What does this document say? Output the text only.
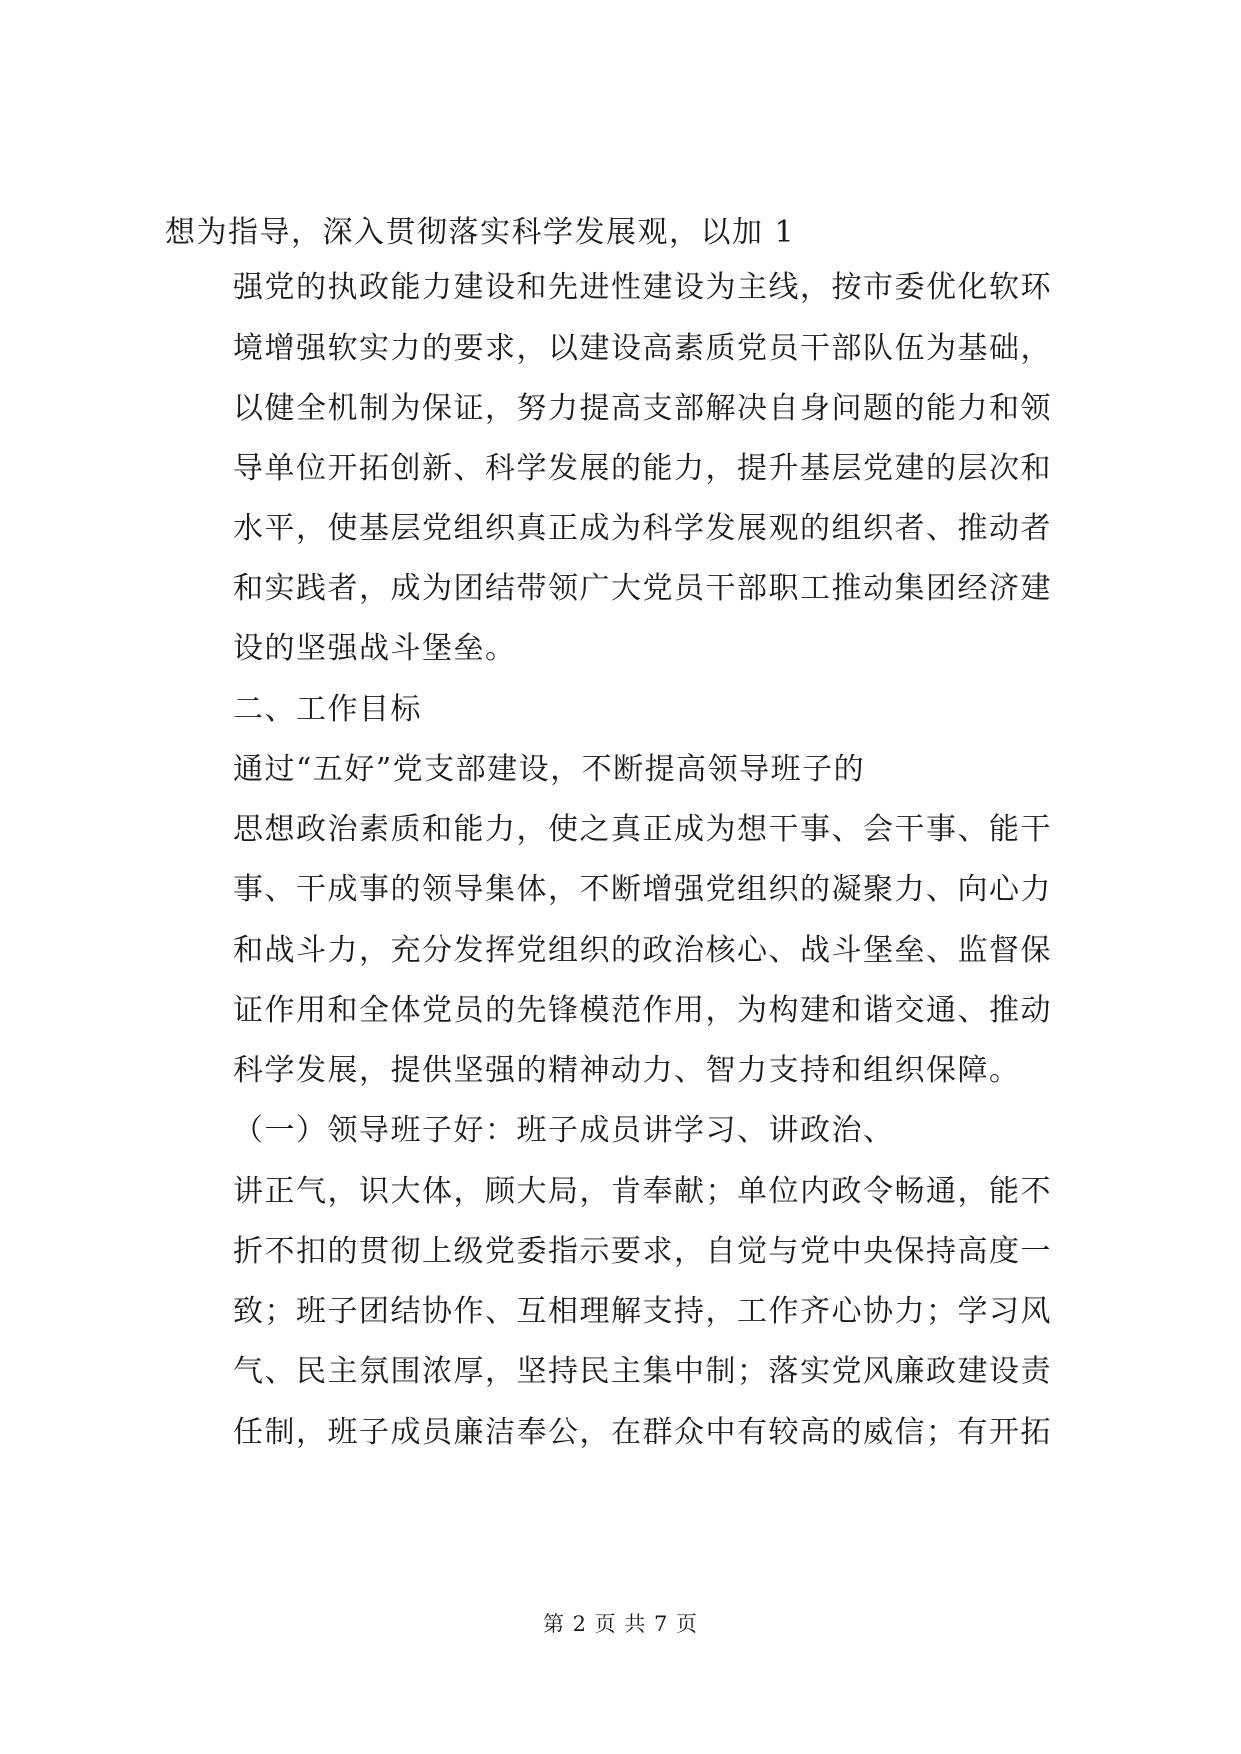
想为指导，深入贯彻落实科学发展观，以加 1
强党的执政能力建设和先进性建设为主线，按市委优化软环
境增强软实力的要求，以建设高素质党员干部队伍为基础，
以健全机制为保证，努力提高支部解决自身问题的能力和领
导单位开拓创新、科学发展的能力，提升基层党建的层次和
水平，使基层党组织真正成为科学发展观的组织者、推动者
和实践者，成为团结带领广大党员干部职工推动集团经济建
设的坚强战斗堡垒。
二、工作目标
通过“五好”党支部建设，不断提高领导班子的
思想政治素质和能力，使之真正成为想干事、会干事、能干
事、干成事的领导集体，不断增强党组织的凝聚力、向心力
和战斗力，充分发挥党组织的政治核心、战斗堡垒、监督保
证作用和全体党员的先锋模范作用，为构建和谐交通、推动
科学发展，提供坚强的精神动力、智力支持和组织保障。
（一）领导班子好：班子成员讲学习、讲政治、
讲正气，识大体，顾大局，肯奉献；单位内政令畅通，能不
折不扣的贯彻上级党委指示要求，自觉与党中央保持高度一
致；班子团结协作、互相理解支持，工作齐心协力；学习风
气、民主氛围浓厚，坚持民主集中制；落实党风廉政建设责
任制，班子成员廉洁奉公，在群众中有较高的威信；有开拓
第 2 页 共 7 页
